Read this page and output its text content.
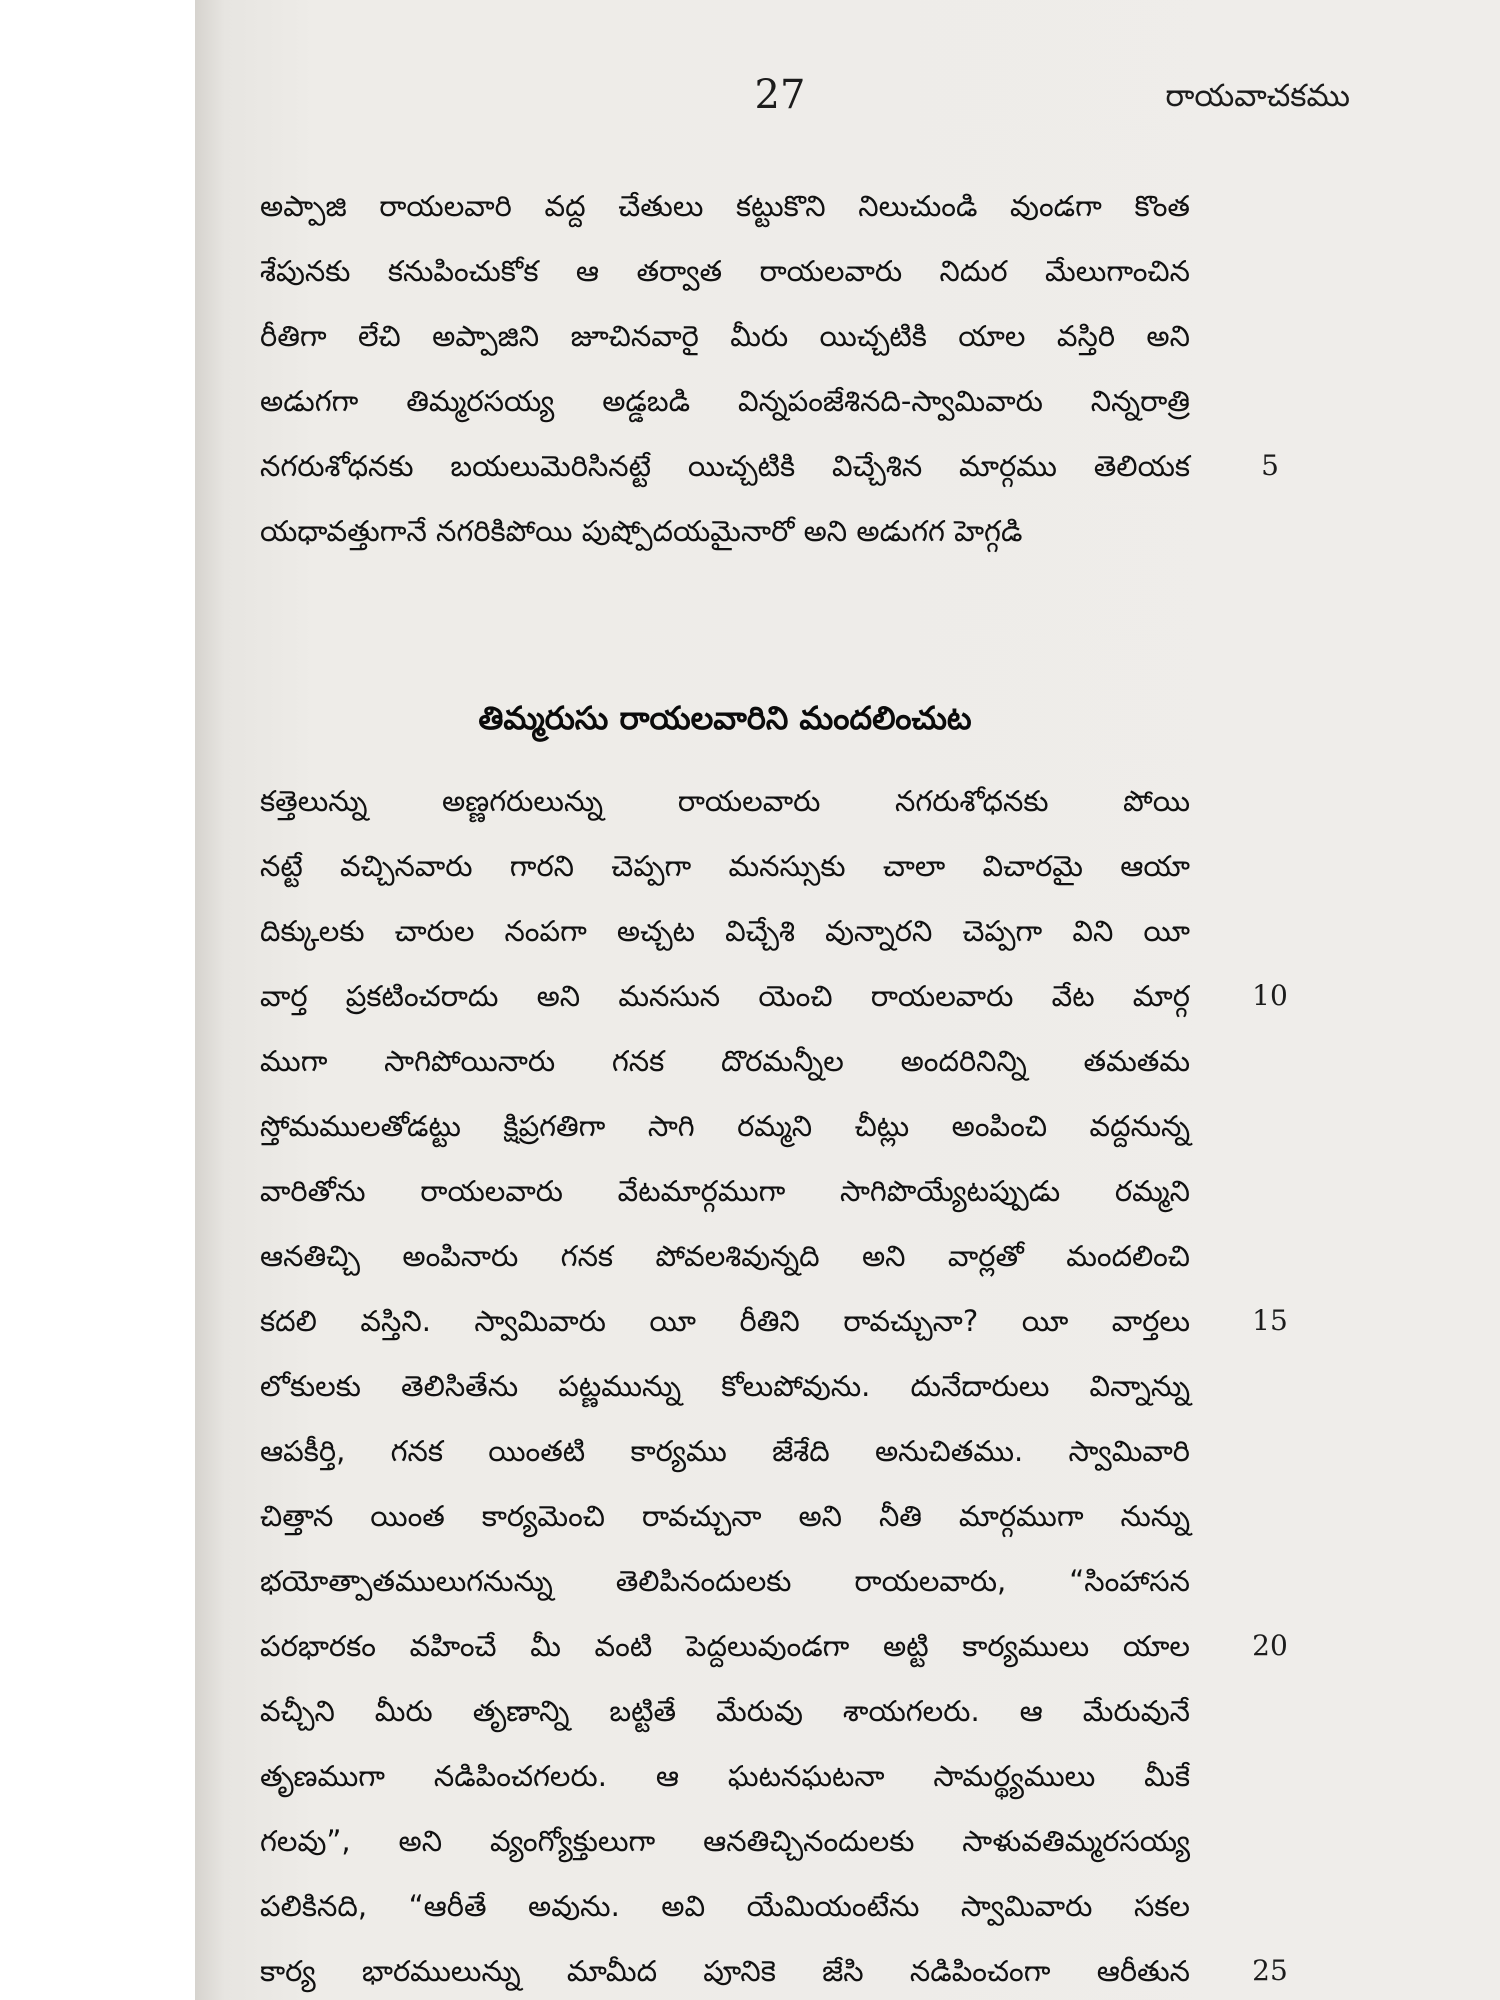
27	రాయవాచకము
అప్పాజి రాయలవారి వద్ద చేతులు కట్టుకొని నిలుచుండి వుండగా కొంత
శేపునకు కనుపించుకోక ఆ తర్వాత రాయలవారు నిదుర మేలుగాంచిన
రీతిగా లేచి అప్పాజిని జూచినవారై మీరు యిచ్చటికి యాల వస్తిరి అని
అడుగగా తిమ్మరసయ్య అడ్డబడి విన్నపంజేశినది-స్వామివారు నిన్నరాత్రి
నగరుశోధనకు బయలుమెరిసినట్టే యిచ్చటికి విచ్చేశిన మార్గము తెలియక
యధావత్తుగానే నగరికిపోయి పుష్పోదయమైనారో అని అడుగగ హెగ్గడి
5
తిమ్మరుసు రాయలవారిని మందలించుట
కత్తెలున్ను అణ్ణగరులున్ను రాయలవారు నగరుశోధనకు పోయి
నట్టే వచ్చినవారు గారని చెప్పగా మనస్సుకు చాలా విచారమై ఆయా
దిక్కులకు చారుల నంపగా అచ్చట విచ్చేశి వున్నారని చెప్పగా విని యీ
వార్త ప్రకటించరాదు అని మనసున యెంచి రాయలవారు వేట మార్గ
ముగా సాగిపోయినారు గనక దొరమన్నీల అందరినిన్ని తమతమ
స్తోమములతోడట్టు క్షిప్రగతిగా సాగి రమ్మని చీట్లు అంపించి వద్దనున్న
వారితోను రాయలవారు వేటమార్గముగా సాగిపొయ్యేటప్పుడు రమ్మని
ఆనతిచ్చి అంపినారు గనక పోవలశివున్నది అని వార్లతో మందలించి
కదలి వస్తిని. స్వామివారు యీ రీతిని రావచ్చునా? యీ వార్తలు
లోకులకు తెలిసితేను పట్ణమున్ను కోలుపోవును. దునేదారులు విన్నాన్ను
ఆపకీర్తి, గనక యింతటి కార్యము జేశేది అనుచితము. స్వామివారి
చిత్తాన యింత కార్యమెంచి రావచ్చునా అని నీతి మార్గముగా నున్ను
భయోత్పాతములుగనున్ను తెలిపినందులకు రాయలవారు, “సింహాసన
పరభారకం వహించే మీ వంటి పెద్దలువుండగా అట్టి కార్యములు యాల
వచ్చీని మీరు తృణాన్ని బట్టితే మేరువు శాయగలరు. ఆ మేరువునే
తృణముగా నడిపించగలరు. ఆ ఘటనఘటనా సామర్థ్యములు మీకే
గలవు”, అని వ్యంగ్యోక్తులుగా ఆనతిచ్చినందులకు సాళువతిమ్మరసయ్య
పలికినది, “ఆరీతే అవును. అవి యేమియంటేను స్వామివారు సకల
కార్య భారములున్ను మామీద పూనికె జేసి నడిపించంగా ఆరీతున
10
15
20
25
